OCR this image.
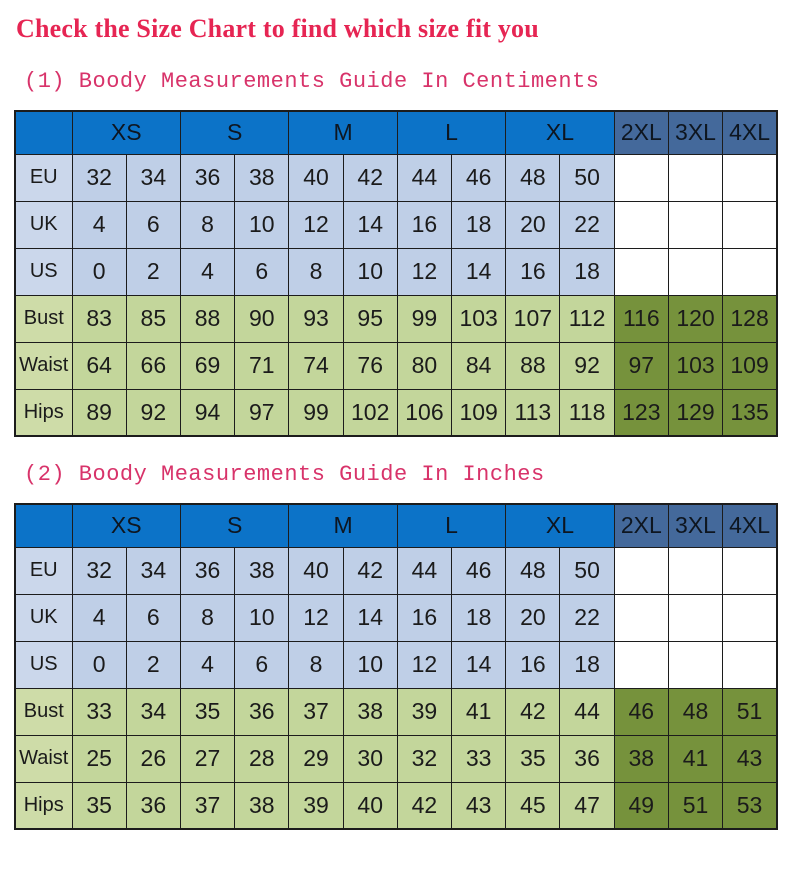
Check the Size Chart to find which size fit you
(1) Boody Measurements Guide In Centiments
	XS		S		M		L		XL		2XL	3XL	4XL
EU	32	34	36	38	40	42	44	46	48	50			
UK	4	6	8	10	12	14	16	18	20	22			
US	0	2	4	6	8	10	12	14	16	18			
Bust	83	85	88	90	93	95	99	103	107	112	116	120	128
Waist	64	66	69	71	74	76	80	84	88	92	97	103	109
Hips	89	92	94	97	99	102	106	109	113	118	123	129	135
(2) Boody Measurements Guide In Inches
	XS		S		M		L		XL		2XL	3XL	4XL
EU	32	34	36	38	40	42	44	46	48	50			
UK	4	6	8	10	12	14	16	18	20	22			
US	0	2	4	6	8	10	12	14	16	18			
Bust	33	34	35	36	37	38	39	41	42	44	46	48	51
Waist	25	26	27	28	29	30	32	33	35	36	38	41	43
Hips	35	36	37	38	39	40	42	43	45	47	49	51	53
